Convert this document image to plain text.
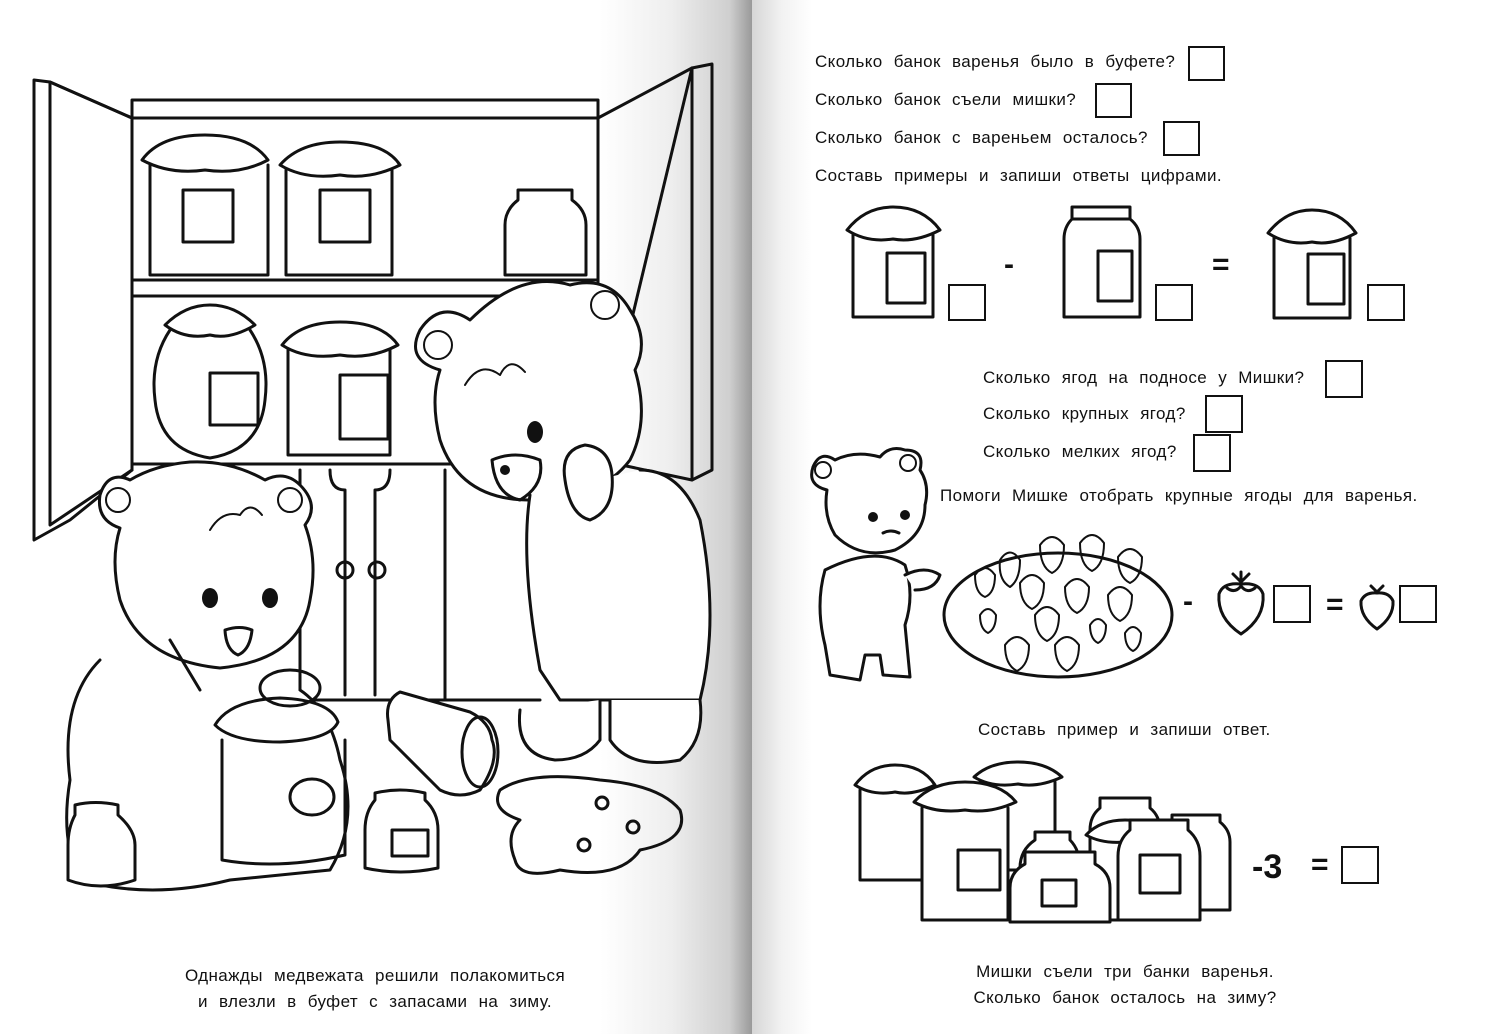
Однажды медвежата решили полакомиться
и влезли в буфет с запасами на зиму.
Сколько банок варенья было в буфете?
Сколько банок съели мишки?
Сколько банок с вареньем осталось?
Составь примеры и запиши ответы цифрами.
-	=
Сколько ягод на подносе у Мишки?
Сколько крупных ягод?
Сколько мелких ягод?
Помоги Мишке отобрать крупные ягоды для варенья.
-	=
Составь пример и запиши ответ.
-3 =
Мишки съели три банки варенья.
Сколько банок осталось на зиму?
